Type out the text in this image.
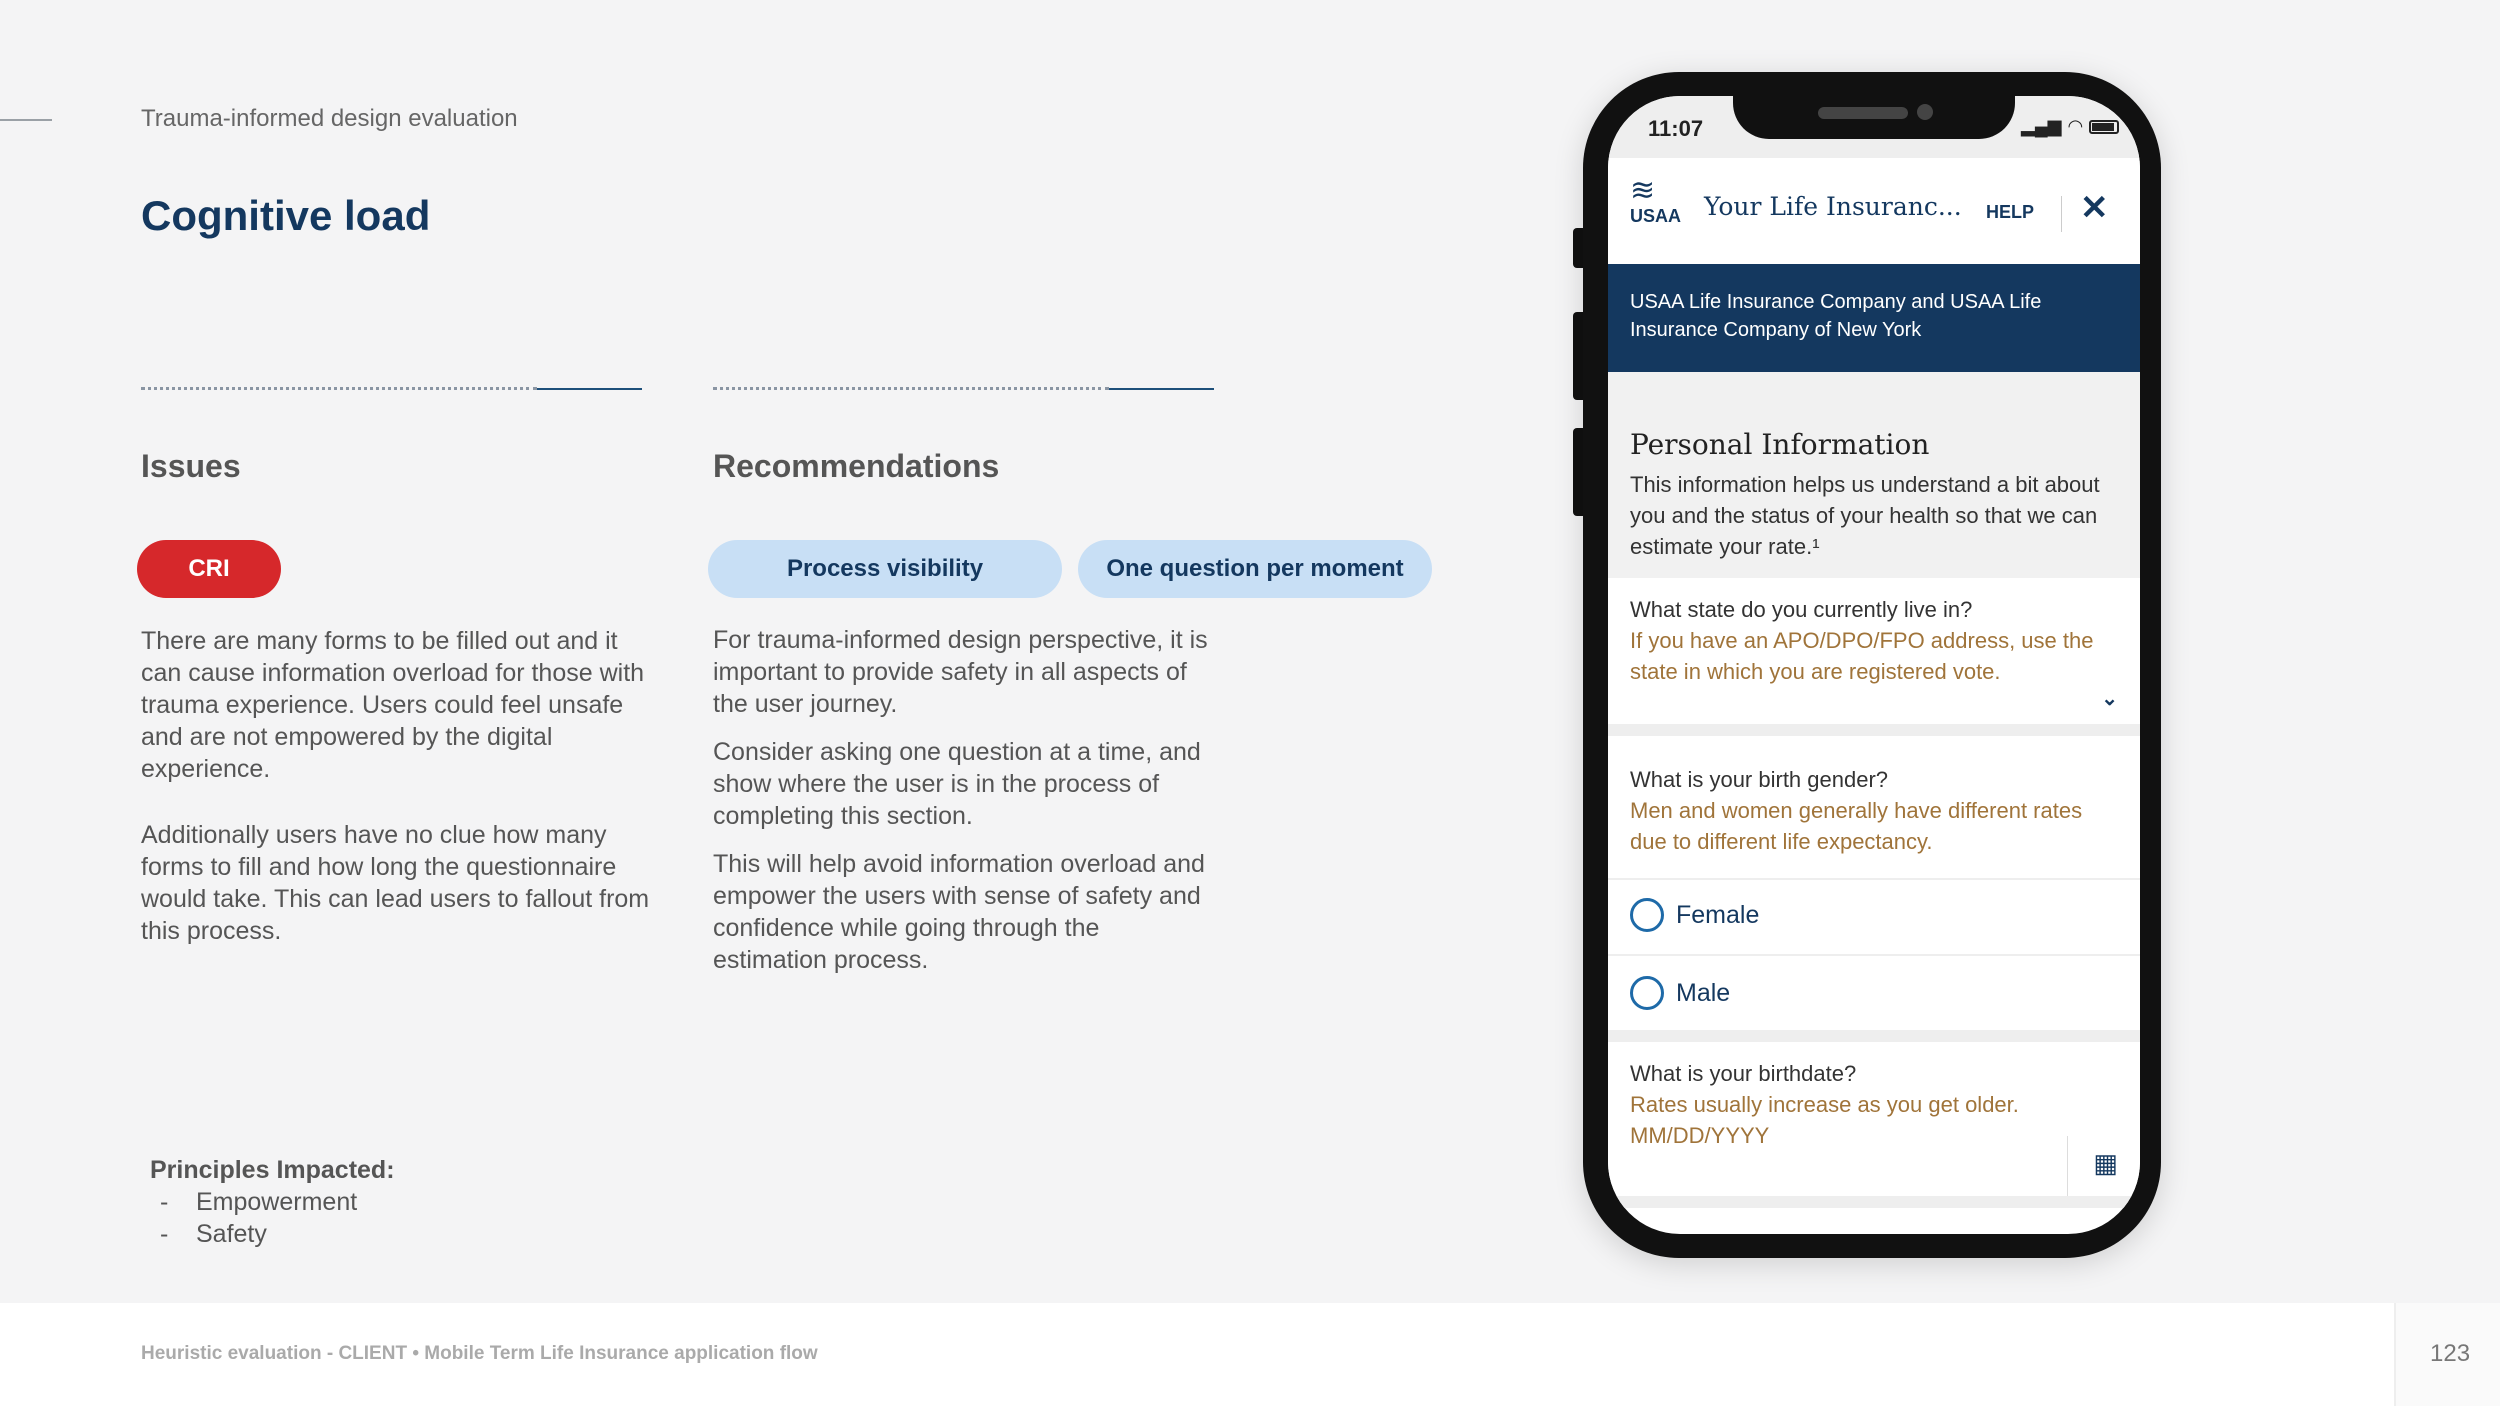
Trauma-informed design evaluation
Cognitive load
Issues	Recommendations
CRI	Process visibility	One question per moment
There are many forms to be filled out and it can cause information overload for those with trauma experience. Users could feel unsafe and are not empowered by the digital experience.
Additionally users have no clue how many forms to fill and how long the questionnaire would take. This can lead users to fallout from this process.
For trauma-informed design perspective, it is important to provide safety in all aspects of the user journey.
Consider asking one question at a time, and show where the user is in the process of completing this section.
This will help avoid information overload and empower the users with sense of safety and confidence while going through the estimation process.
Principles Impacted:
-	Empowerment
-	Safety
Heuristic evaluation - CLIENT • Mobile Term Life Insurance application flow	123
11:07	▂▄▆ ◠
≋
USAA Your Life Insuranc... HELP ✕
USAA Life Insurance Company and USAA Life Insurance Company of New York
Personal Information
This information helps us understand a bit about you and the status of your health so that we can estimate your rate.¹
What state do you currently live in?
If you have an APO/DPO/FPO address, use the state in which you are registered vote.
⌄
What is your birth gender?
Men and women generally have different rates due to different life expectancy.
Female
Male
What is your birthdate?
Rates usually increase as you get older.
MM/DD/YYYY
▦
